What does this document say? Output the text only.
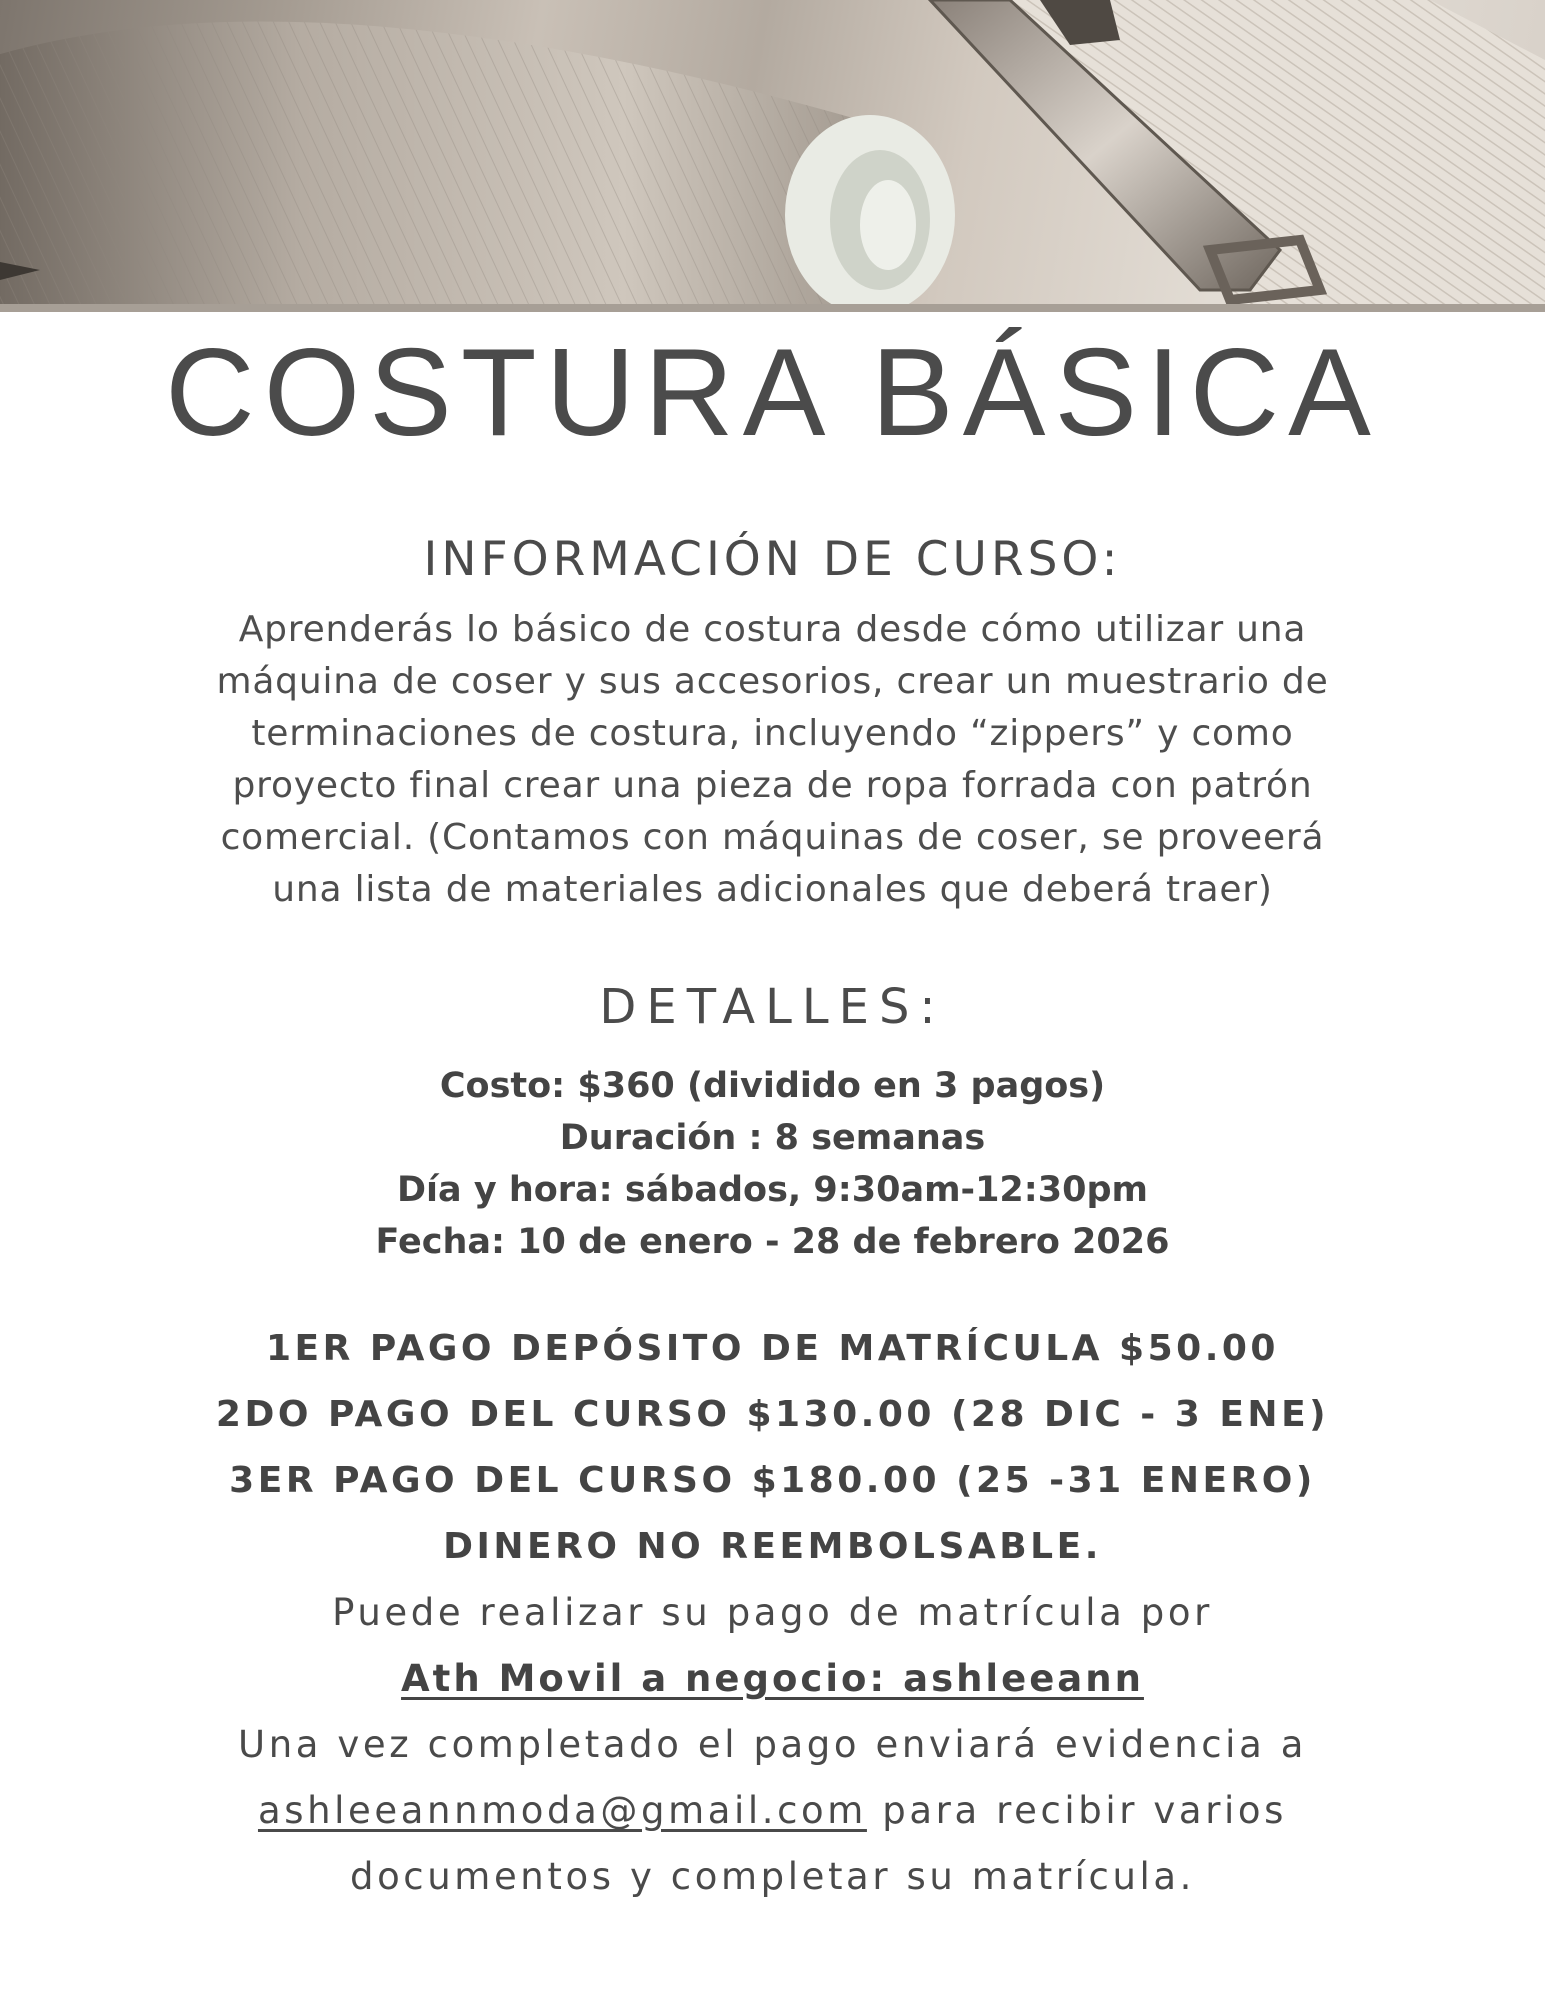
COSTURA BÁSICA
INFORMACIÓN DE CURSO:
Aprenderás lo básico de costura desde cómo utilizar una
máquina de coser y sus accesorios, crear un muestrario de
terminaciones de costura, incluyendo “zippers” y como
proyecto final crear una pieza de ropa forrada con patrón
comercial. (Contamos con máquinas de coser, se proveerá
una lista de materiales adicionales que deberá traer)
DETALLES:
Costo: $360 (dividido en 3 pagos)
Duración : 8 semanas
Día y hora: sábados, 9:30am-12:30pm
Fecha: 10 de enero - 28 de febrero 2026
1ER PAGO DEPÓSITO DE MATRÍCULA $50.00
2DO PAGO DEL CURSO $130.00 (28 DIC - 3 ENE)
3ER PAGO DEL CURSO $180.00 (25 -31 ENERO)
DINERO NO REEMBOLSABLE.
Puede realizar su pago de matrícula por
Ath Movil a negocio: ashleeann
Una vez completado el pago enviará evidencia a
ashleeannmoda@gmail.com para recibir varios
documentos y completar su matrícula.
